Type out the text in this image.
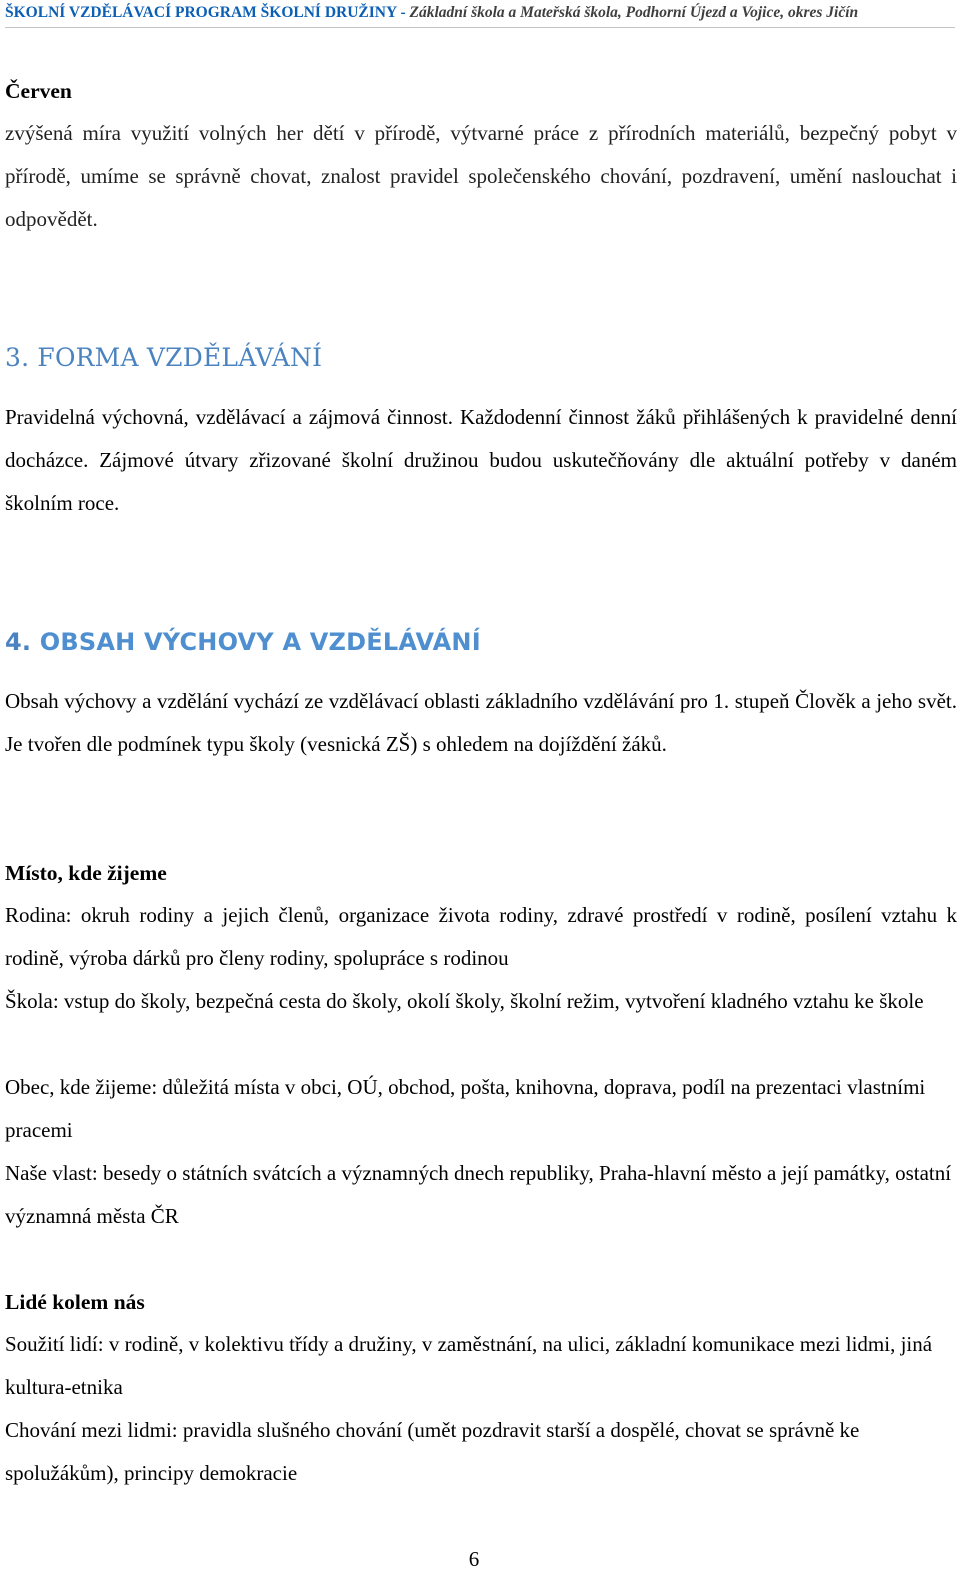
ŠKOLNÍ VZDĚLÁVACÍ PROGRAM ŠKOLNÍ DRUŽINY - Základní škola a Mateřská škola, Podhorní Újezd a Vojice, okres Jičín
Červen

zvýšená míra využití volných her dětí v přírodě, výtvarné práce z přírodních materiálů, bezpečný pobyt v přírodě, umíme se správně chovat, znalost pravidel společenského chování, pozdravení, umění naslouchat i odpovědět.

3. FORMA VZDĚLÁVÁNÍ

Pravidelná výchovná, vzdělávací a zájmová činnost. Každodenní činnost žáků přihlášených k pravidelné denní docházce. Zájmové útvary zřizované školní družinou budou uskutečňovány dle aktuální potřeby v daném školním roce.

4. OBSAH VÝCHOVY A VZDĚLÁVÁNÍ

Obsah výchovy a vzdělání vychází ze vzdělávací oblasti základního vzdělávání pro 1. stupeň Člověk a jeho svět. Je tvořen dle podmínek typu školy (vesnická ZŠ) s ohledem na dojíždění žáků.

Místo, kde žijeme

Rodina: okruh rodiny a jejich členů, organizace života rodiny, zdravé prostředí v rodině, posílení vztahu k rodině, výroba dárků pro členy rodiny, spolupráce s rodinou

Škola: vstup do školy, bezpečná cesta do školy, okolí školy, školní režim, vytvoření kladného vztahu ke škole

Obec, kde žijeme: důležitá místa v obci, OÚ, obchod, pošta, knihovna, doprava, podíl na prezentaci vlastními pracemi

Naše vlast: besedy o státních svátcích a významných dnech republiky, Praha-hlavní město a její památky, ostatní významná města ČR

Lidé kolem nás

Soužití lidí: v rodině, v kolektivu třídy a družiny, v zaměstnání, na ulici, základní komunikace mezi lidmi, jiná kultura-etnika

Chování mezi lidmi: pravidla slušného chování (umět pozdravit starší a dospělé, chovat se správně ke spolužákům), principy demokracie

6
